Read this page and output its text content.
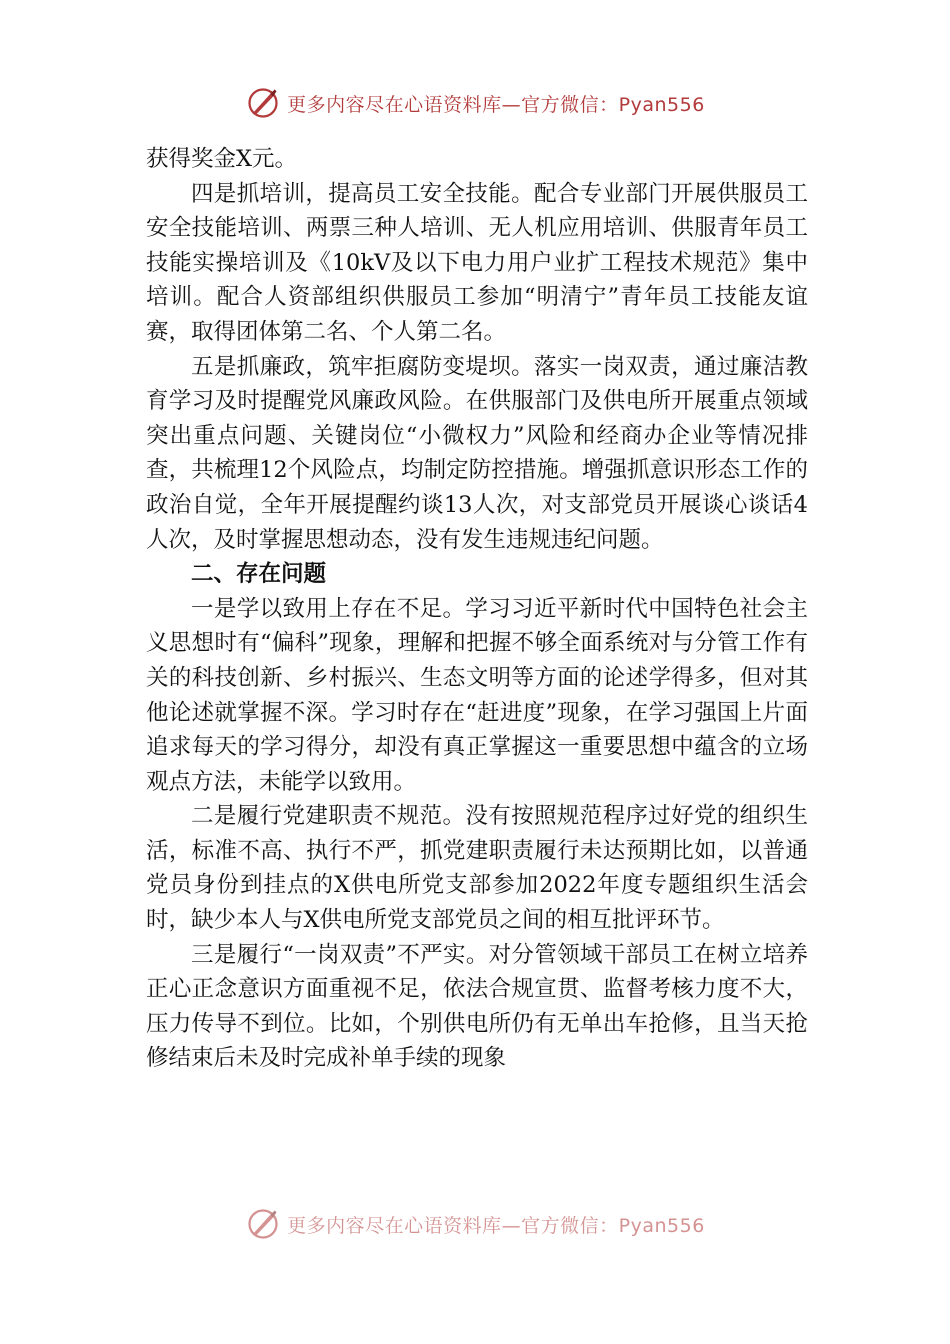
更多内容尽在心语资料库—官方微信：Pyan556

获得奖金X元。

四是抓培训，提高员工安全技能。配合专业部门开展供服员工安全技能培训、两票三种人培训、无人机应用培训、供服青年员工技能实操培训及《10kV及以下电力用户业扩工程技术规范》集中培训。配合人资部组织供服员工参加“明清宁”青年员工技能友谊赛，取得团体第二名、个人第二名。

五是抓廉政，筑牢拒腐防变堤坝。落实一岗双责，通过廉洁教育学习及时提醒党风廉政风险。在供服部门及供电所开展重点领域突出重点问题、关键岗位“小微权力”风险和经商办企业等情况排查，共梳理12个风险点，均制定防控措施。增强抓意识形态工作的政治自觉，全年开展提醒约谈13人次，对支部党员开展谈心谈话4人次，及时掌握思想动态，没有发生违规违纪问题。

二、存在问题

一是学以致用上存在不足。学习习近平新时代中国特色社会主义思想时有“偏科”现象，理解和把握不够全面系统对与分管工作有关的科技创新、乡村振兴、生态文明等方面的论述学得多，但对其他论述就掌握不深。学习时存在“赶进度”现象，在学习强国上片面追求每天的学习得分，却没有真正掌握这一重要思想中蕴含的立场观点方法，未能学以致用。

二是履行党建职责不规范。没有按照规范程序过好党的组织生活，标准不高、执行不严，抓党建职责履行未达预期比如，以普通党员身份到挂点的X供电所党支部参加2022年度专题组织生活会时，缺少本人与X供电所党支部党员之间的相互批评环节。

三是履行“一岗双责”不严实。对分管领域干部员工在树立培养正心正念意识方面重视不足，依法合规宣贯、监督考核力度不大，压力传导不到位。比如，个别供电所仍有无单出车抢修，且当天抢修结束后未及时完成补单手续的现象

更多内容尽在心语资料库—官方微信：Pyan556
